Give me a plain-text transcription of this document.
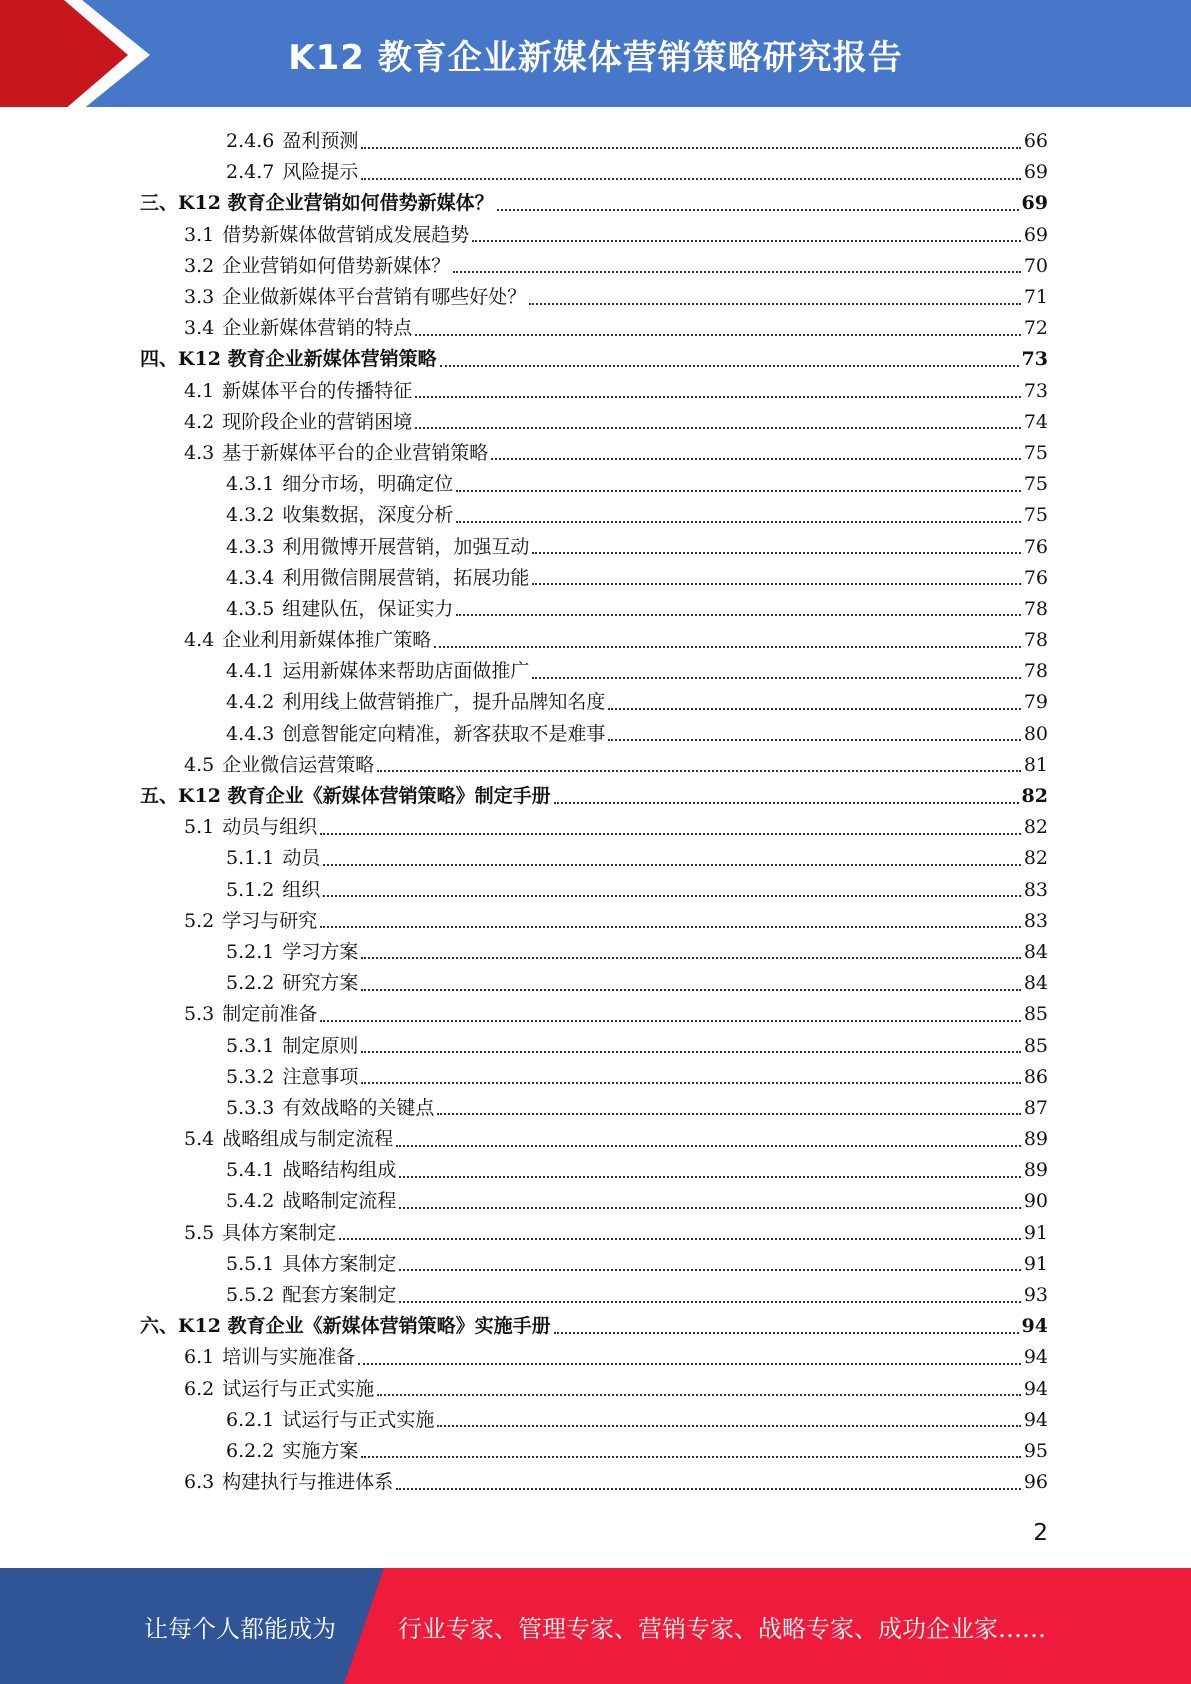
K12 教育企业新媒体营销策略研究报告
2.4.6 盈利预测	66
2.4.7 风险提示	69
三、 K12 教育企业营销如何借势新媒体？	69
3.1 借势新媒体做营销成发展趋势	69
3.2 企业营销如何借势新媒体？	70
3.3 企业做新媒体平台营销有哪些好处？	71
3.4 企业新媒体营销的特点	72
四、 K12 教育企业新媒体营销策略	73
4.1 新媒体平台的传播特征	73
4.2 现阶段企业的营销困境	74
4.3 基于新媒体平台的企业营销策略	75
4.3.1 细分市场，明确定位	75
4.3.2 收集数据，深度分析	75
4.3.3 利用微博开展营销，加强互动	76
4.3.4 利用微信開展营销，拓展功能	76
4.3.5 组建队伍，保证实力	78
4.4 企业利用新媒体推广策略	78
4.4.1 运用新媒体来帮助店面做推广	78
4.4.2 利用线上做营销推广，提升品牌知名度	79
4.4.3 创意智能定向精准，新客获取不是难事	80
4.5 企业微信运营策略	81
五、 K12 教育企业《新媒体营销策略》制定手册	82
5.1 动员与组织	82
5.1.1 动员	82
5.1.2 组织	83
5.2 学习与研究	83
5.2.1 学习方案	84
5.2.2 研究方案	84
5.3 制定前准备	85
5.3.1 制定原则	85
5.3.2 注意事项	86
5.3.3 有效战略的关键点	87
5.4 战略组成与制定流程	89
5.4.1 战略结构组成	89
5.4.2 战略制定流程	90
5.5 具体方案制定	91
5.5.1 具体方案制定	91
5.5.2 配套方案制定	93
六、 K12 教育企业《新媒体营销策略》实施手册	94
6.1 培训与实施准备	94
6.2 试运行与正式实施	94
6.2.1 试运行与正式实施	94
6.2.2 实施方案	95
6.3 构建执行与推进体系	96
2
让每个人都能成为	行业专家、管理专家、营销专家、战略专家、成功企业家……
